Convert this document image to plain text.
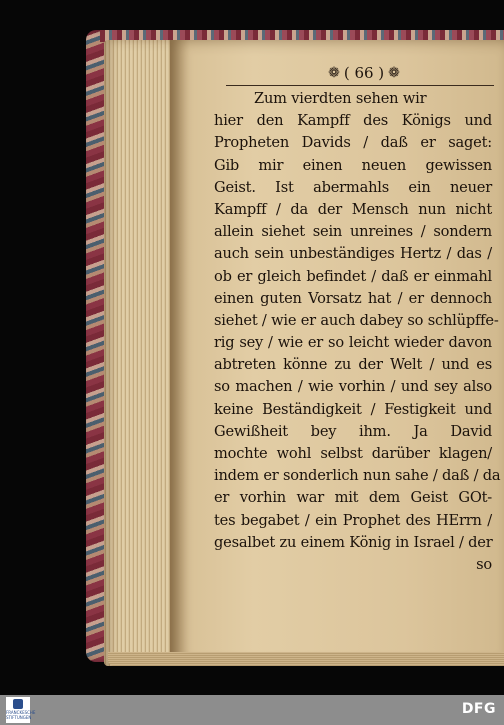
❁ ( 66 ) ❁
Zum vierdten sehen wir
hier den Kampff des Königs und
Propheten Davids / daß er saget:
Gib mir einen neuen gewissen
Geist. Ist abermahls ein neuer
Kampff / da der Mensch nun nicht
allein siehet sein unreines / sondern
auch sein unbeständiges Hertz / das /
ob er gleich befindet / daß er einmahl
einen guten Vorsatz hat / er dennoch
siehet / wie er auch dabey so schlüpffe-
rig sey / wie er so leicht wieder davon
abtreten könne zu der Welt / und es
so machen / wie vorhin / und sey also
keine Beständigkeit / Festigkeit und
Gewißheit bey ihm. Ja David
mochte wohl selbst darüber klagen/
indem er sonderlich nun sahe / daß / da
er vorhin war mit dem Geist GOt-
tes begabet / ein Prophet des HErrn /
gesalbet zu einem König in Israel / der
so
FRANCKESCHE STIFTUNGEN
DFG
